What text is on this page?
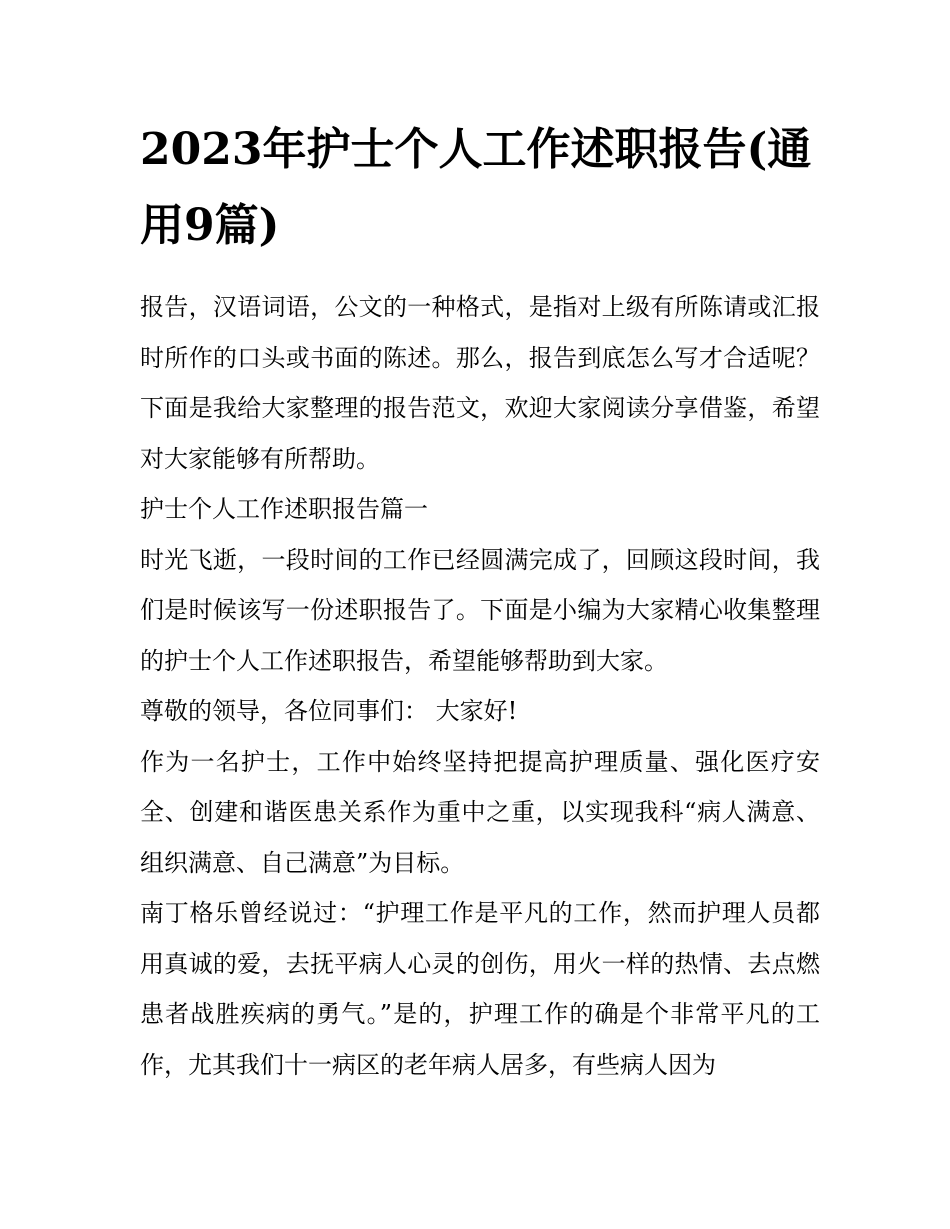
2023年护士个人工作述职报告(通用9篇)

报告，汉语词语，公文的一种格式，是指对上级有所陈请或汇报时所作的口头或书面的陈述。那么，报告到底怎么写才合适呢？下面是我给大家整理的报告范文，欢迎大家阅读分享借鉴，希望对大家能够有所帮助。

护士个人工作述职报告篇一

时光飞逝，一段时间的工作已经圆满完成了，回顾这段时间，我们是时候该写一份述职报告了。下面是小编为大家精心收集整理的护士个人工作述职报告，希望能够帮助到大家。

尊敬的领导，各位同事们： 大家好!

作为一名护士，工作中始终坚持把提高护理质量、强化医疗安全、创建和谐医患关系作为重中之重，以实现我科“病人满意、组织满意、自己满意”为目标。

南丁格乐曾经说过：“护理工作是平凡的工作，然而护理人员都用真诚的爱，去抚平病人心灵的创伤，用火一样的热情、去点燃患者战胜疾病的勇气。”是的，护理工作的确是个非常平凡的工作，尤其我们十一病区的老年病人居多，有些病人因为
